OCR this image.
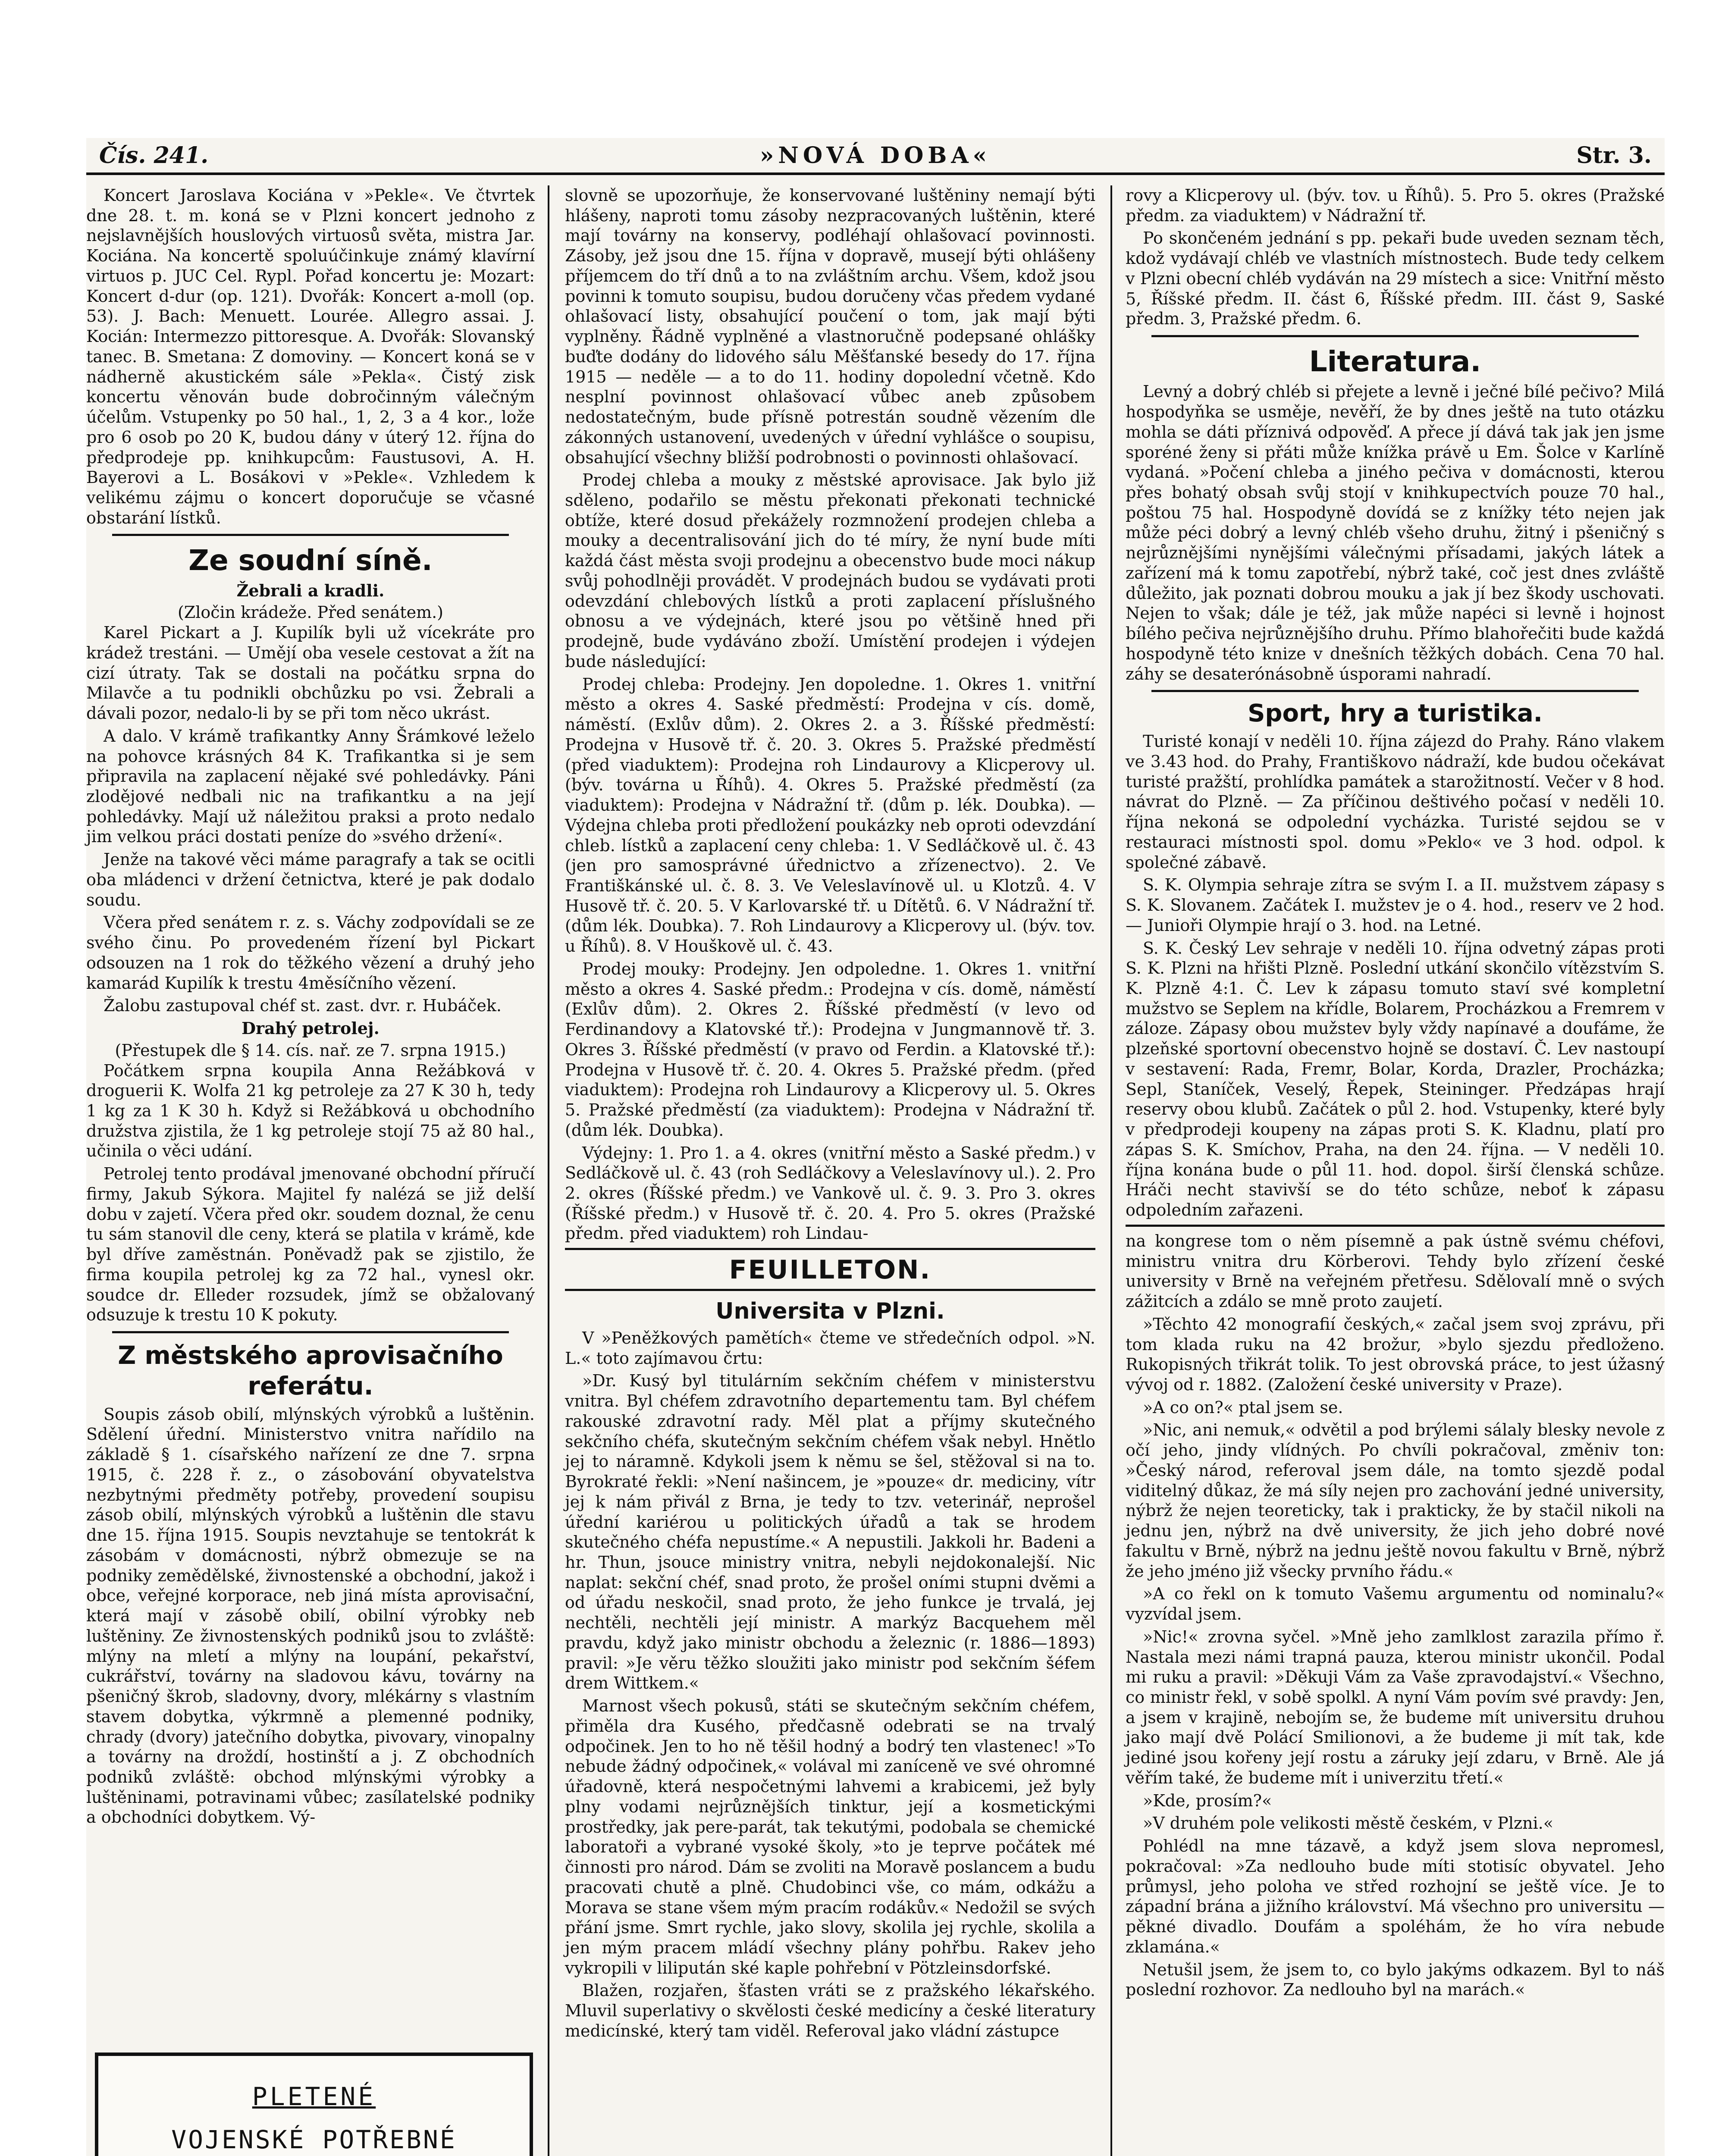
Čís. 241.	»NOVÁ DOBA«	Str. 3.

Koncert Jaroslava Kociána v »Pekle«. Ve čtvrtek dne 28. t. m. koná se v Plzni koncert jednoho z nejslavnějších houslových virtuosů světa, mistra Jar. Kociána. Na koncertě spoluúčinkuje známý klavírní virtuos p. JUC Cel. Rypl. Pořad koncertu je: Mozart: Koncert d-dur (op. 121). Dvořák: Koncert a-moll (op. 53). J. Bach: Menuett. Lourée. Allegro assai. J. Kocián: Intermezzo pittoresque. A. Dvořák: Slovanský tanec. B. Smetana: Z domoviny. — Koncert koná se v nádherně akustickém sále »Pekla«. Čistý zisk koncertu věnován bude dobročinným válečným účelům. Vstupenky po 50 hal., 1, 2, 3 a 4 kor., lože pro 6 osob po 20 K, budou dány v úterý 12. října do předprodeje pp. knihkupcům: Faustusovi, A. H. Bayerovi a L. Bosákovi v »Pekle«. Vzhledem k velikému zájmu o koncert doporučuje se včasné obstarání lístků.

Ze soudní síně.
Žebrali a kradli.
(Zločin krádeže. Před senátem.)

Karel Pickart a J. Kupilík byli už vícekráte pro krádež trestáni. — Umějí oba vesele cestovat a žít na cizí útraty. Tak se dostali na počátku srpna do Milavče a tu podnikli obchůzku po vsi. Žebrali a dávali pozor, nedalo-li by se při tom něco ukrást.

A dalo. V krámě trafikantky Anny Šrámkové leželo na pohovce krásných 84 K. Trafikantka si je sem připravila na zaplacení nějaké své pohledávky. Páni zlodějové nedbali nic na trafikantku a na její pohledávky. Mají už náležitou praksi a proto nedalo jim velkou práci dostati peníze do »svého držení«.

Jenže na takové věci máme paragrafy a tak se ocitli oba mládenci v držení četnictva, které je pak dodalo soudu.

Včera před senátem r. z. s. Váchy zodpovídali se ze svého činu. Po provedeném řízení byl Pickart odsouzen na 1 rok do těžkého vězení a druhý jeho kamarád Kupilík k trestu 4měsíčního vězení.

Žalobu zastupoval chéf st. zast. dvr. r. Hubáček.

Drahý petrolej.
(Přestupek dle § 14. cís. nař. ze 7. srpna 1915.)

Počátkem srpna koupila Anna Režábková v droguerii K. Wolfa 21 kg petroleje za 27 K 30 h, tedy 1 kg za 1 K 30 h. Když si Režábková u obchodního družstva zjistila, že 1 kg petroleje stojí 75 až 80 hal., učinila o věci udání.

Petrolej tento prodával jmenované obchodní příručí firmy, Jakub Sýkora. Majitel fy nalézá se již delší dobu v zajetí. Včera před okr. soudem doznal, že cenu tu sám stanovil dle ceny, která se platila v krámě, kde byl dříve zaměstnán. Poněvadž pak se zjistilo, že firma koupila petrolej kg za 72 hal., vynesl okr. soudce dr. Elleder rozsudek, jímž se obžalovaný odsuzuje k trestu 10 K pokuty.

Z městského aprovisačního referátu.

Soupis zásob obilí, mlýnských výrobků a luštěnin. Sdělení úřední. Ministerstvo vnitra nařídilo na základě § 1. císařského nařízení ze dne 7. srpna 1915, č. 228 ř. z., o zásobování obyvatelstva nezbytnými předměty potřeby, provedení soupisu zásob obilí, mlýnských výrobků a luštěnin dle stavu dne 15. října 1915. Soupis nevztahuje se tentokrát k zásobám v domácnosti, nýbrž obmezuje se na podniky zemědělské, živnostenské a obchodní, jakož i obce, veřejné korporace, neb jiná místa aprovisační, která mají v zásobě obilí, obilní výrobky neb luštěniny. Ze živnostenských podniků jsou to zvláště: mlýny na mletí a mlýny na loupání, pekařství, cukrářství, továrny na sladovou kávu, továrny na pšeničný škrob, sladovny, dvory, mlékárny s vlastním stavem dobytka, výkrmně a plemenné podniky, chrady (dvory) jatečního dobytka, pivovary, vinopalny a továrny na droždí, hostinští a j. Z obchodních podniků zvláště: obchod mlýnskými výrobky a luštěninami, potravinami vůbec; zasílatelské podniky a obchodníci dobytkem. Vý-

PLETENÉ
VOJENSKÉ POTŘEBNÉ

slovně se upozorňuje, že konservované luštěniny nemají býti hlášeny, naproti tomu zásoby nezpracovaných luštěnin, které mají továrny na konservy, podléhají ohlašovací povinnosti. Zásoby, jež jsou dne 15. října v dopravě, musejí býti ohlášeny příjemcem do tří dnů a to na zvláštním archu. Všem, kdož jsou povinni k tomuto soupisu, budou doručeny včas předem vydané ohlašovací listy, obsahující poučení o tom, jak mají býti vyplněny. Řádně vyplněné a vlastnoručně podepsané ohlášky buďte dodány do lidového sálu Měšťanské besedy do 17. října 1915 — neděle — a to do 11. hodiny dopolední včetně. Kdo nesplní povinnost ohlašovací vůbec aneb způsobem nedostatečným, bude přísně potrestán soudně vězením dle zákonných ustanovení, uvedených v úřední vyhlášce o soupisu, obsahující všechny bližší podrobnosti o povinnosti ohlašovací.

Prodej chleba a mouky z městské aprovisace. Jak bylo již sděleno, podařilo se městu překonati překonati technické obtíže, které dosud překážely rozmnožení prodejen chleba a mouky a decentralisování jich do té míry, že nyní bude míti každá část města svoji prodejnu a obecenstvo bude moci nákup svůj pohodlněji provádět. V prodejnách budou se vydávati proti odevzdání chlebových lístků a proti zaplacení příslušného obnosu a ve výdejnách, které jsou po většině hned při prodejně, bude vydáváno zboží. Umístění prodejen i výdejen bude následující:

Prodej chleba: Prodejny. Jen dopoledne. 1. Okres 1. vnitřní město a okres 4. Saské předměstí: Prodejna v cís. domě, náměstí. (Exlův dům). 2. Okres 2. a 3. Říšské předměstí: Prodejna v Husově tř. č. 20. 3. Okres 5. Pražské předměstí (před viaduktem): Prodejna roh Lindaurovy a Klicperovy ul. (býv. továrna u Říhů). 4. Okres 5. Pražské předměstí (za viaduktem): Prodejna v Nádražní tř. (dům p. lék. Doubka). — Výdejna chleba proti předložení poukázky neb oproti odevzdání chleb. lístků a zaplacení ceny chleba: 1. V Sedláčkově ul. č. 43 (jen pro samosprávné úřednictvo a zřízenectvo). 2. Ve Františkánské ul. č. 8. 3. Ve Veleslavínově ul. u Klotzů. 4. V Husově tř. č. 20. 5. V Karlovarské tř. u Dítětů. 6. V Nádražní tř. (dům lék. Doubka). 7. Roh Lindaurovy a Klicperovy ul. (býv. tov. u Říhů). 8. V Houškově ul. č. 43.

Prodej mouky: Prodejny. Jen odpoledne. 1. Okres 1. vnitřní město a okres 4. Saské předm.: Prodejna v cís. domě, náměstí (Exlův dům). 2. Okres 2. Říšské předměstí (v levo od Ferdinandovy a Klatovské tř.): Prodejna v Jungmannově tř. 3. Okres 3. Říšské předměstí (v pravo od Ferdin. a Klatovské tř.): Prodejna v Husově tř. č. 20. 4. Okres 5. Pražské předm. (před viaduktem): Prodejna roh Lindaurovy a Klicperovy ul. 5. Okres 5. Pražské předměstí (za viaduktem): Prodejna v Nádražní tř. (dům lék. Doubka).

Výdejny: 1. Pro 1. a 4. okres (vnitřní město a Saské předm.) v Sedláčkově ul. č. 43 (roh Sedláčkovy a Veleslavínovy ul.). 2. Pro 2. okres (Říšské předm.) ve Vankově ul. č. 9. 3. Pro 3. okres (Říšské předm.) v Husově tř. č. 20. 4. Pro 5. okres (Pražské předm. před viaduktem) roh Lindau-

FEUILLETON.
Universita v Plzni.

V »Peněžkových pamětích« čteme ve středečních odpol. »N. L.« toto zajímavou črtu:

»Dr. Kusý byl titulárním sekčním chéfem v ministerstvu vnitra. Byl chéfem zdravotního departementu tam. Byl chéfem rakouské zdravotní rady. Měl plat a příjmy skutečného sekčního chéfa, skutečným sekčním chéfem však nebyl. Hnětlo jej to náramně. Kdykoli jsem k němu se šel, stěžoval si na to. Byrokraté řekli: »Není našincem, je »pouze« dr. mediciny, vítr jej k nám přivál z Brna, je tedy to tzv. veterinář, neprošel úřední kariérou u politických úřadů a tak se hrodem skutečného chéfa nepustíme.« A nepustili. Jakkoli hr. Badeni a hr. Thun, jsouce ministry vnitra, nebyli nejdokonalejší. Nic naplat: sekční chéf, snad proto, že prošel oními stupni dvěmi a od úřadu neskočil, snad proto, že jeho funkce je trvalá, jej nechtěli, nechtěli její ministr. A markýz Bacquehem měl pravdu, když jako ministr obchodu a železnic (r. 1886—1893) pravil: »Je věru těžko sloužiti jako ministr pod sekčním šéfem drem Wittkem.«

Marnost všech pokusů, státi se skutečným sekčním chéfem, přiměla dra Kusého, předčasně odebrati se na trvalý odpočinek. Jen to ho ně těšil hodný a bodrý ten vlastenec! »To nebude žádný odpočinek,« volával mi zaníceně ve své ohromné úřadovně, která nespočetnými lahvemi a krabicemi, jež byly plny vodami nejrůznějších tinktur, její a kosmetickými prostředky, jak pere-parát, tak tekutými, podobala se chemické laboratoři a vybrané vysoké školy, »to je teprve počátek mé činnosti pro národ. Dám se zvoliti na Moravě poslancem a budu pracovati chutě a plně. Chudobinci vše, co mám, odkážu a Morava se stane všem mým pracím rodákův.« Nedožil se svých přání jsme. Smrt rychle, jako slovy, skolila jej rychle, skolila a jen mým pracem mládí všechny plány pohřbu. Rakev jeho vykropili v lilipután ské kaple pohřební v Pötzleinsdorfské.

Blažen, rozjařen, šťasten vráti se z pražského lékařského. Mluvil superlativy o skvělosti české medicíny a české literatury medicínské, který tam viděl. Referoval jako vládní zástupce

rovy a Klicperovy ul. (býv. tov. u Říhů). 5. Pro 5. okres (Pražské předm. za viaduktem) v Nádražní tř.

Po skončeném jednání s pp. pekaři bude uveden seznam těch, kdož vydávají chléb ve vlastních místnostech. Bude tedy celkem v Plzni obecní chléb vydáván na 29 místech a sice: Vnitřní město 5, Říšské předm. II. část 6, Říšské předm. III. část 9, Saské předm. 3, Pražské předm. 6.

Literatura.

Levný a dobrý chléb si přejete a levně i ječné bílé pečivo? Milá hospodyňka se usměje, nevěří, že by dnes ještě na tuto otázku mohla se dáti příznivá odpověď. A přece jí dává tak jak jen jsme sporéné ženy si přáti může knížka právě u Em. Šolce v Karlíně vydaná. »Počení chleba a jiného pečiva v domácnosti, kterou přes bohatý obsah svůj stojí v knihkupectvích pouze 70 hal., poštou 75 hal. Hospodyně dovídá se z knížky této nejen jak může péci dobrý a levný chléb všeho druhu, žitný i pšeničný s nejrůznějšími nynějšími válečnými přísadami, jakých látek a zařízení má k tomu zapotřebí, nýbrž také, coč jest dnes zvláště důležito, jak poznati dobrou mouku a jak jí bez škody uschovati. Nejen to však; dále je též, jak může napéci si levně i hojnost bílého pečiva nejrůznějšího druhu. Přímo blahořečiti bude každá hospodyně této knize v dnešních těžkých dobách. Cena 70 hal. záhy se desaterónásobně úsporami nahradí.

Sport, hry a turistika.

Turisté konají v neděli 10. října zájezd do Prahy. Ráno vlakem ve 3.43 hod. do Prahy, Františkovo nádraží, kde budou očekávat turisté pražští, prohlídka památek a starožitností. Večer v 8 hod. návrat do Plzně. — Za příčinou deštivého počasí v neděli 10. října nekoná se odpolední vycházka. Turisté sejdou se v restauraci místnosti spol. domu »Peklo« ve 3 hod. odpol. k společné zábavě.

S. K. Olympia sehraje zítra se svým I. a II. mužstvem zápasy s S. K. Slovanem. Začátek I. mužstev je o 4. hod., reserv ve 2 hod. — Junioři Olympie hrají o 3. hod. na Letné.

S. K. Český Lev sehraje v neděli 10. října odvetný zápas proti S. K. Plzni na hřišti Plzně. Poslední utkání skončilo vítězstvím S. K. Plzně 4:1. Č. Lev k zápasu tomuto staví své kompletní mužstvo se Seplem na křídle, Bolarem, Procházkou a Fremrem v záloze. Zápasy obou mužstev byly vždy napínavé a doufáme, že plzeňské sportovní obecenstvo hojně se dostaví. Č. Lev nastoupí v sestavení: Rada, Fremr, Bolar, Korda, Drazler, Procházka; Sepl, Staníček, Veselý, Řepek, Steininger. Předzápas hrají reservy obou klubů. Začátek o půl 2. hod. Vstupenky, které byly v předprodeji koupeny na zápas proti S. K. Kladnu, platí pro zápas S. K. Smíchov, Praha, na den 24. října. — V neděli 10. října konána bude o půl 11. hod. dopol. širší členská schůze. Hráči necht stavivší se do této schůze, neboť k zápasu odpoledním zařazeni.

na kongrese tom o něm písemně a pak ústně svému chéfovi, ministru vnitra dru Körberovi. Tehdy bylo zřízení české university v Brně na veřejném přetřesu. Sdělovalí mně o svých zážitcích a zdálo se mně proto zaujetí.

»Těchto 42 monografií českých,« začal jsem svoj zprávu, při tom klada ruku na 42 brožur, »bylo sjezdu předloženo. Rukopisných třikrát tolik. To jest obrovská práce, to jest úžasný vývoj od r. 1882. (Založení české university v Praze).

»A co on?« ptal jsem se.

»Nic, ani nemuk,« odvětil a pod brýlemi sálaly blesky nevole z očí jeho, jindy vlídných. Po chvíli pokračoval, změniv ton: »Český národ, referoval jsem dále, na tomto sjezdě podal viditelný důkaz, že má síly nejen pro zachování jedné university, nýbrž že nejen teoreticky, tak i prakticky, že by stačil nikoli na jednu jen, nýbrž na dvě university, že jich jeho dobré nové fakultu v Brně, nýbrž na jednu ještě novou fakultu v Brně, nýbrž že jeho jméno již všecky prvního řádu.«

»A co řekl on k tomuto Vašemu argumentu od nominalu?« vyzvídal jsem.

»Nic!« zrovna syčel. »Mně jeho zamlklost zarazila přímo ř. Nastala mezi námi trapná pauza, kterou ministr ukončil. Podal mi ruku a pravil: »Děkuji Vám za Vaše zpravodajství.« Všechno, co ministr řekl, v sobě spolkl. A nyní Vám povím své pravdy: Jen, a jsem v krajině, nebojím se, že budeme mít universitu druhou jako mají dvě Polácí Smilionovi, a že budeme ji mít tak, kde jediné jsou kořeny její rostu a záruky její zdaru, v Brně. Ale já věřím také, že budeme mít i univerzitu třetí.«

»Kde, prosím?«

»V druhém pole velikosti městě českém, v Plzni.«

Pohlédl na mne tázavě, a když jsem slova nepromesl, pokračoval: »Za nedlouho bude míti stotisíc obyvatel. Jeho průmysl, jeho poloha ve střed rozhojní se ještě více. Je to západní brána a jižního království. Má všechno pro universitu — pěkné divadlo. Doufám a spoléhám, že ho víra nebude zklamána.«

Netušil jsem, že jsem to, co bylo jakýms odkazem. Byl to náš poslední rozhovor. Za nedlouho byl na marách.«
